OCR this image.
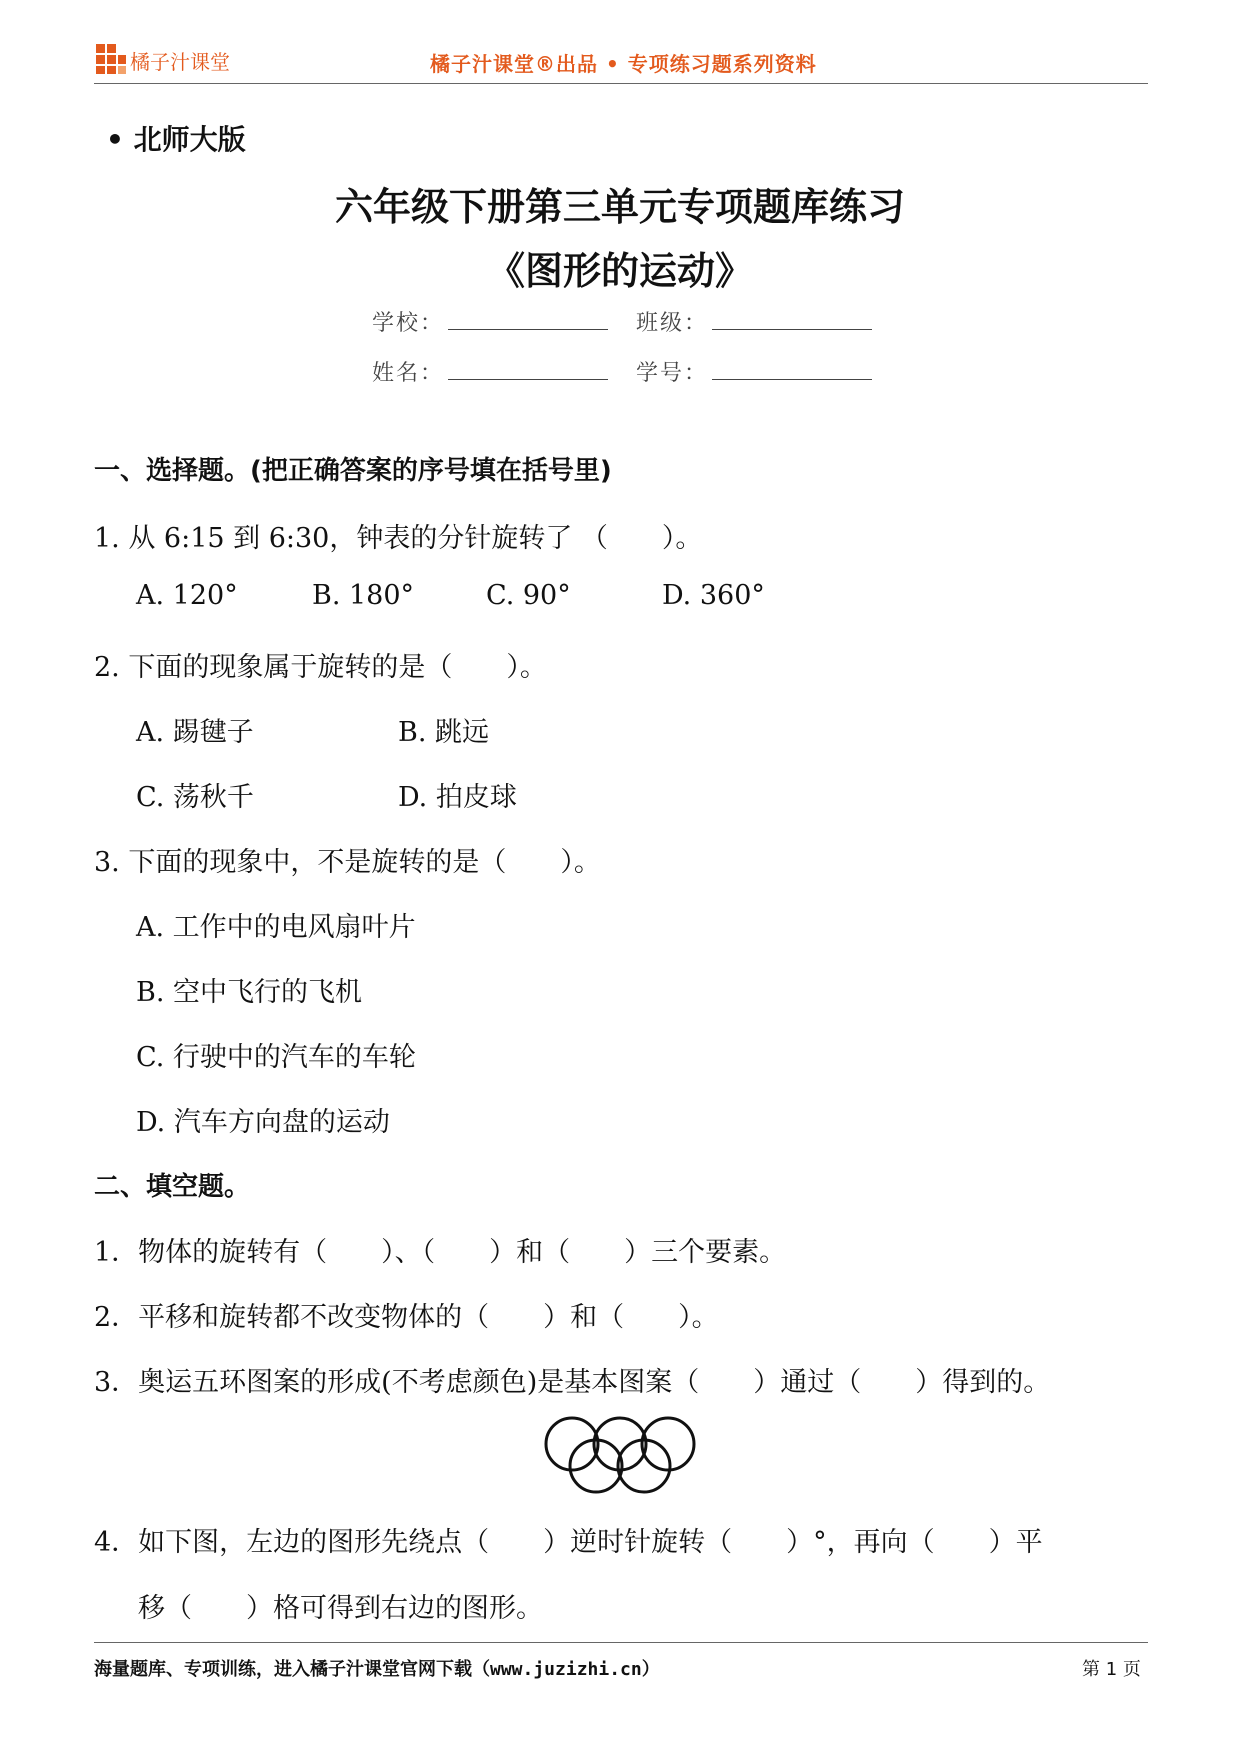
橘子汁课堂	橘子汁课堂®出品 • 专项练习题系列资料
• 北师大版
六年级下册第三单元专项题库练习
《图形的运动》
学校：	班级：
姓名：	学号：
一、选择题。(把正确答案的序号填在括号里)
1. 从 6:15 到 6:30，钟表的分针旋转了 （　　）。
A. 120°	B. 180°	C. 90°	D. 360°
2. 下面的现象属于旋转的是（　　）。
A. 踢毽子	B. 跳远
C. 荡秋千	D. 拍皮球
3. 下面的现象中，不是旋转的是（　　）。
A. 工作中的电风扇叶片
B. 空中飞行的飞机
C. 行驶中的汽车的车轮
D. 汽车方向盘的运动
二、填空题。
1．物体的旋转有（　　）、（　　）和（　　）三个要素。
2．平移和旋转都不改变物体的（　　）和（　　）。
3．奥运五环图案的形成(不考虑颜色)是基本图案（　　）通过（　　）得到的。
4．如下图，左边的图形先绕点（　　）逆时针旋转（　　）°，再向（　　）平
移（　　）格可得到右边的图形。
海量题库、专项训练，进入橘子汁课堂官网下载（www.juzizhi.cn）	第 1 页
